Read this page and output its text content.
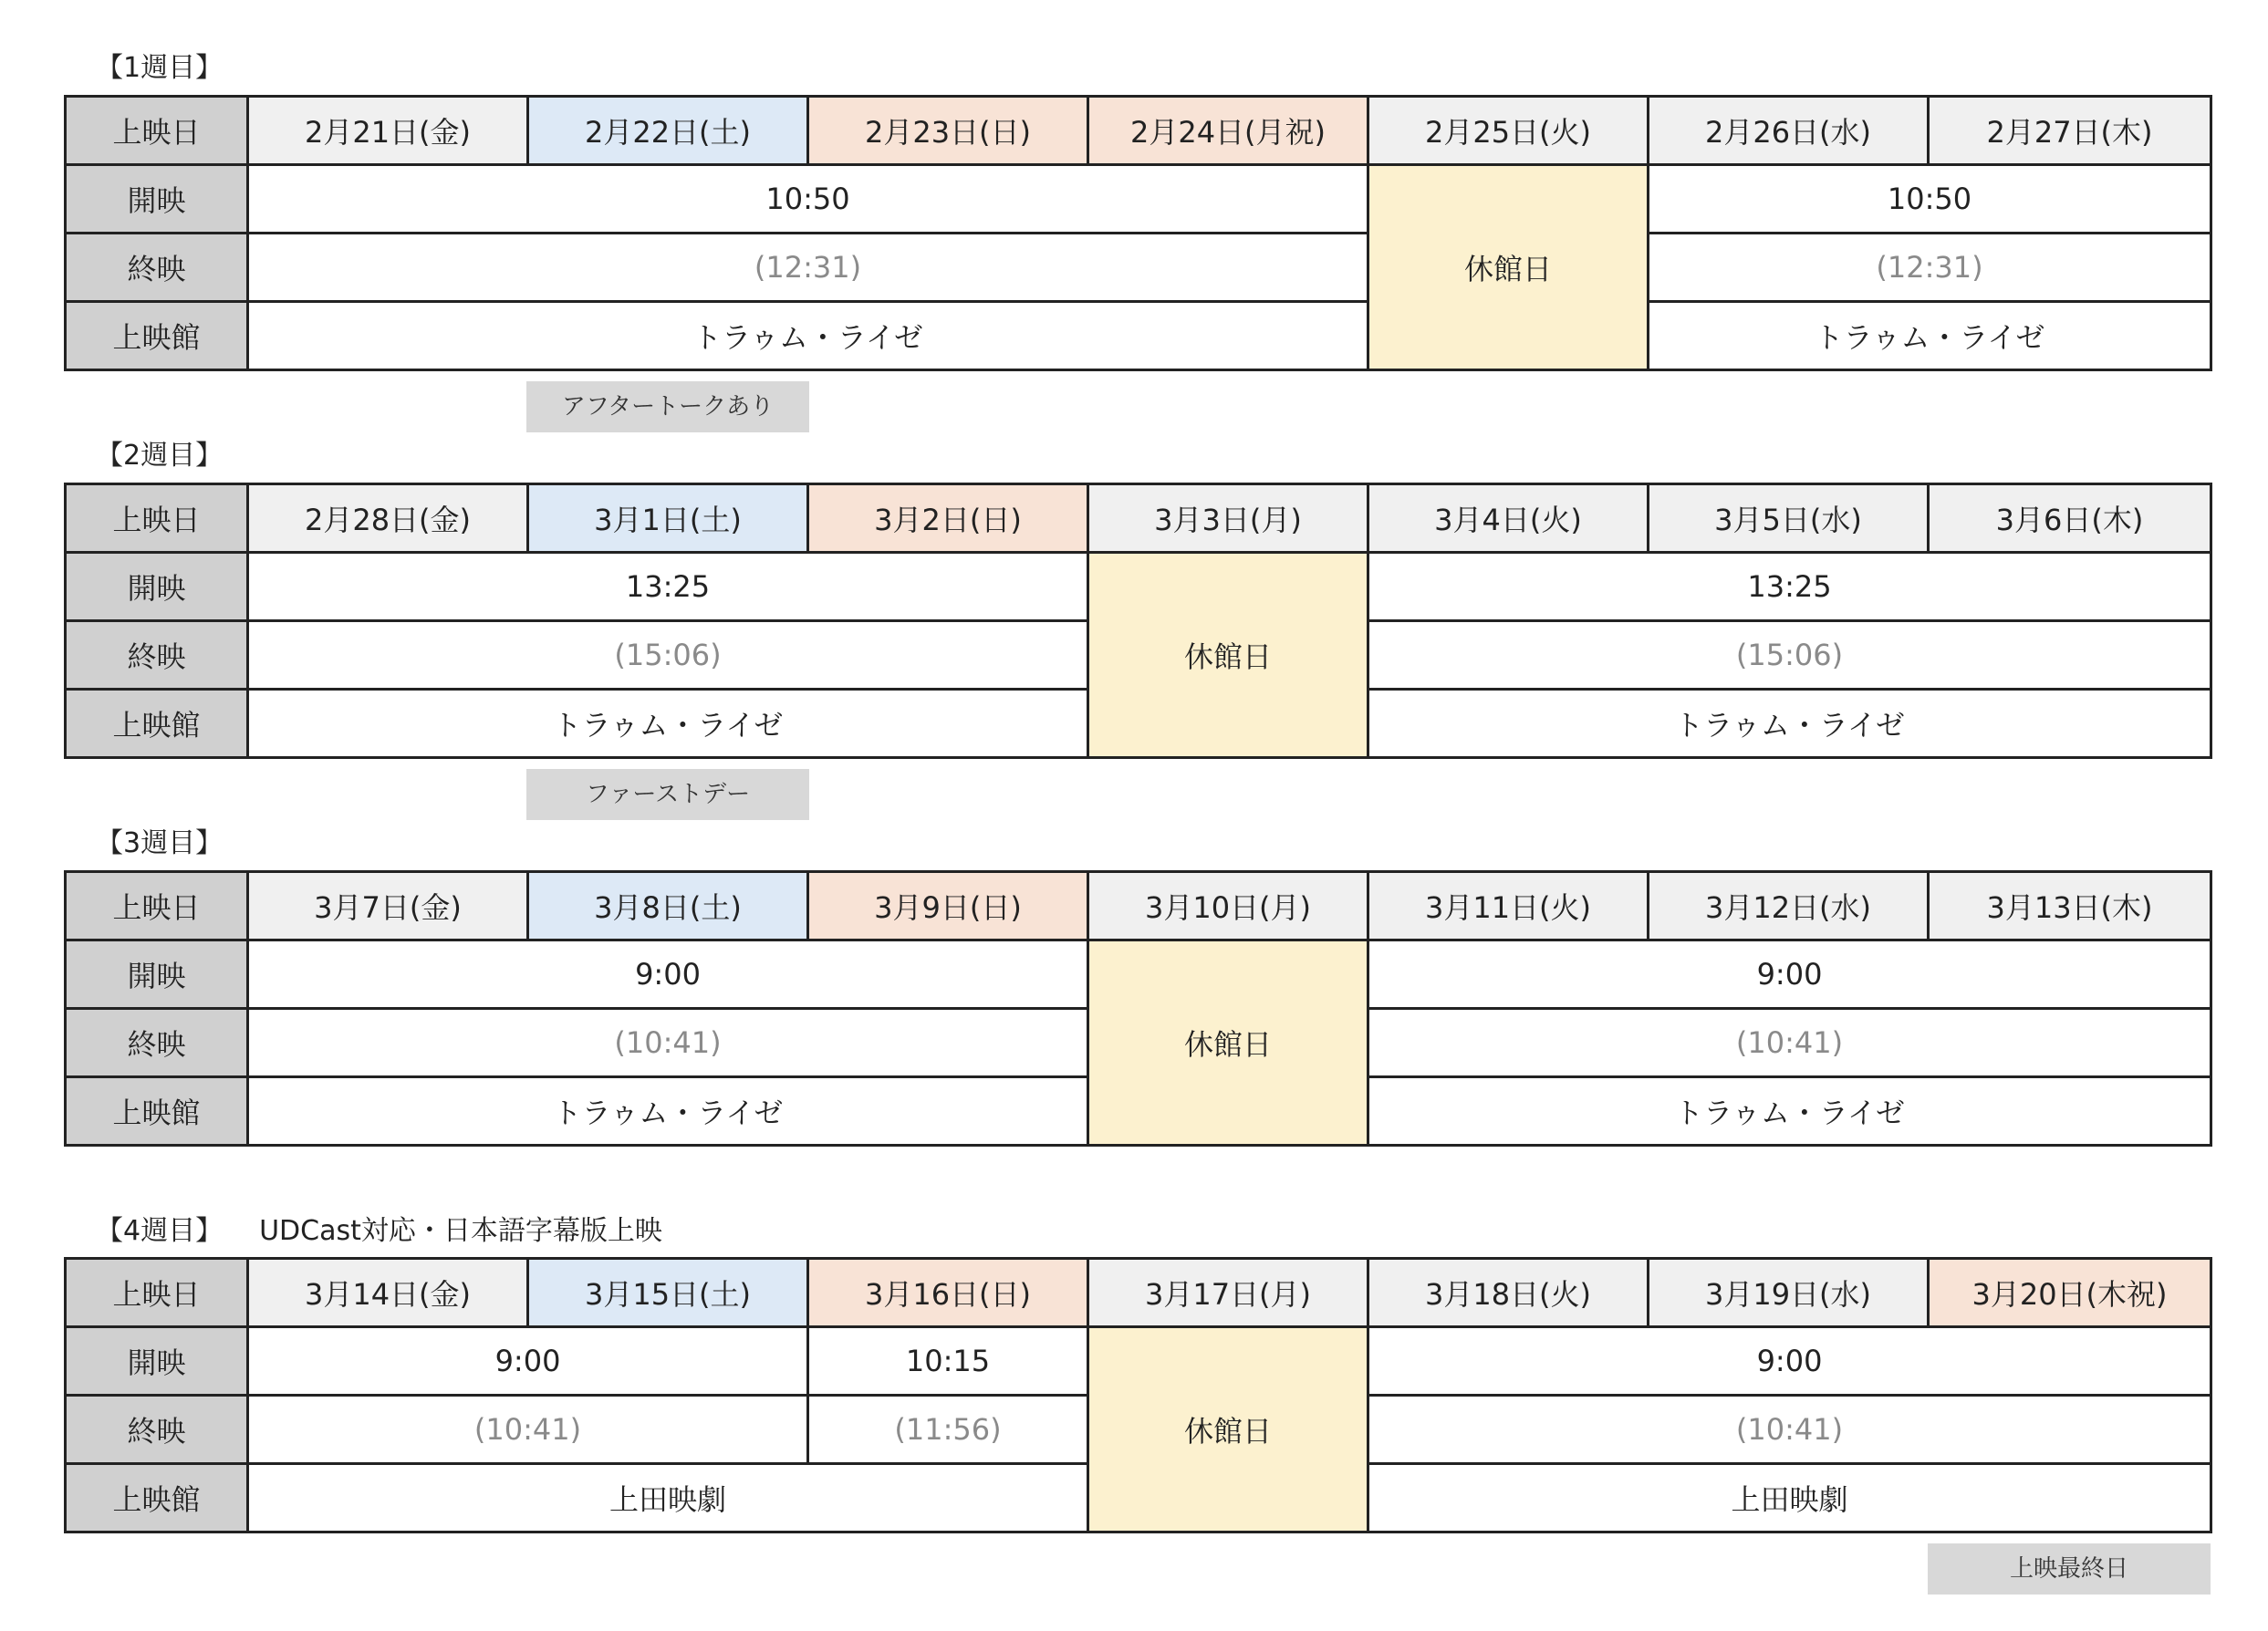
【1週目】
上映日	2月21日(金)	2月22日(土)	2月23日(日)	2月24日(月祝)	2月25日(火)	2月26日(水)	2月27日(木)
開映	10:50				休館日	10:50	
終映	(12:31)					(12:31)	
上映館	トラゥム・ライゼ					トラゥム・ライゼ	
アフタートークあり
【2週目】
上映日	2月28日(金)	3月1日(土)	3月2日(日)	3月3日(月)	3月4日(火)	3月5日(水)	3月6日(木)
開映	13:25			休館日	13:25		
終映	(15:06)				(15:06)		
上映館	トラゥム・ライゼ				トラゥム・ライゼ		
ファーストデー
【3週目】
上映日	3月7日(金)	3月8日(土)	3月9日(日)	3月10日(月)	3月11日(火)	3月12日(水)	3月13日(木)
開映	9:00			休館日	9:00		
終映	(10:41)				(10:41)		
上映館	トラゥム・ライゼ				トラゥム・ライゼ		
【4週目】 UDCast対応・日本語字幕版上映
上映日	3月14日(金)	3月15日(土)	3月16日(日)	3月17日(月)	3月18日(火)	3月19日(水)	3月20日(木祝)
開映	9:00		10:15	休館日	9:00		
終映	(10:41)		(11:56)		(10:41)		
上映館	上田映劇				上田映劇		
上映最終日
